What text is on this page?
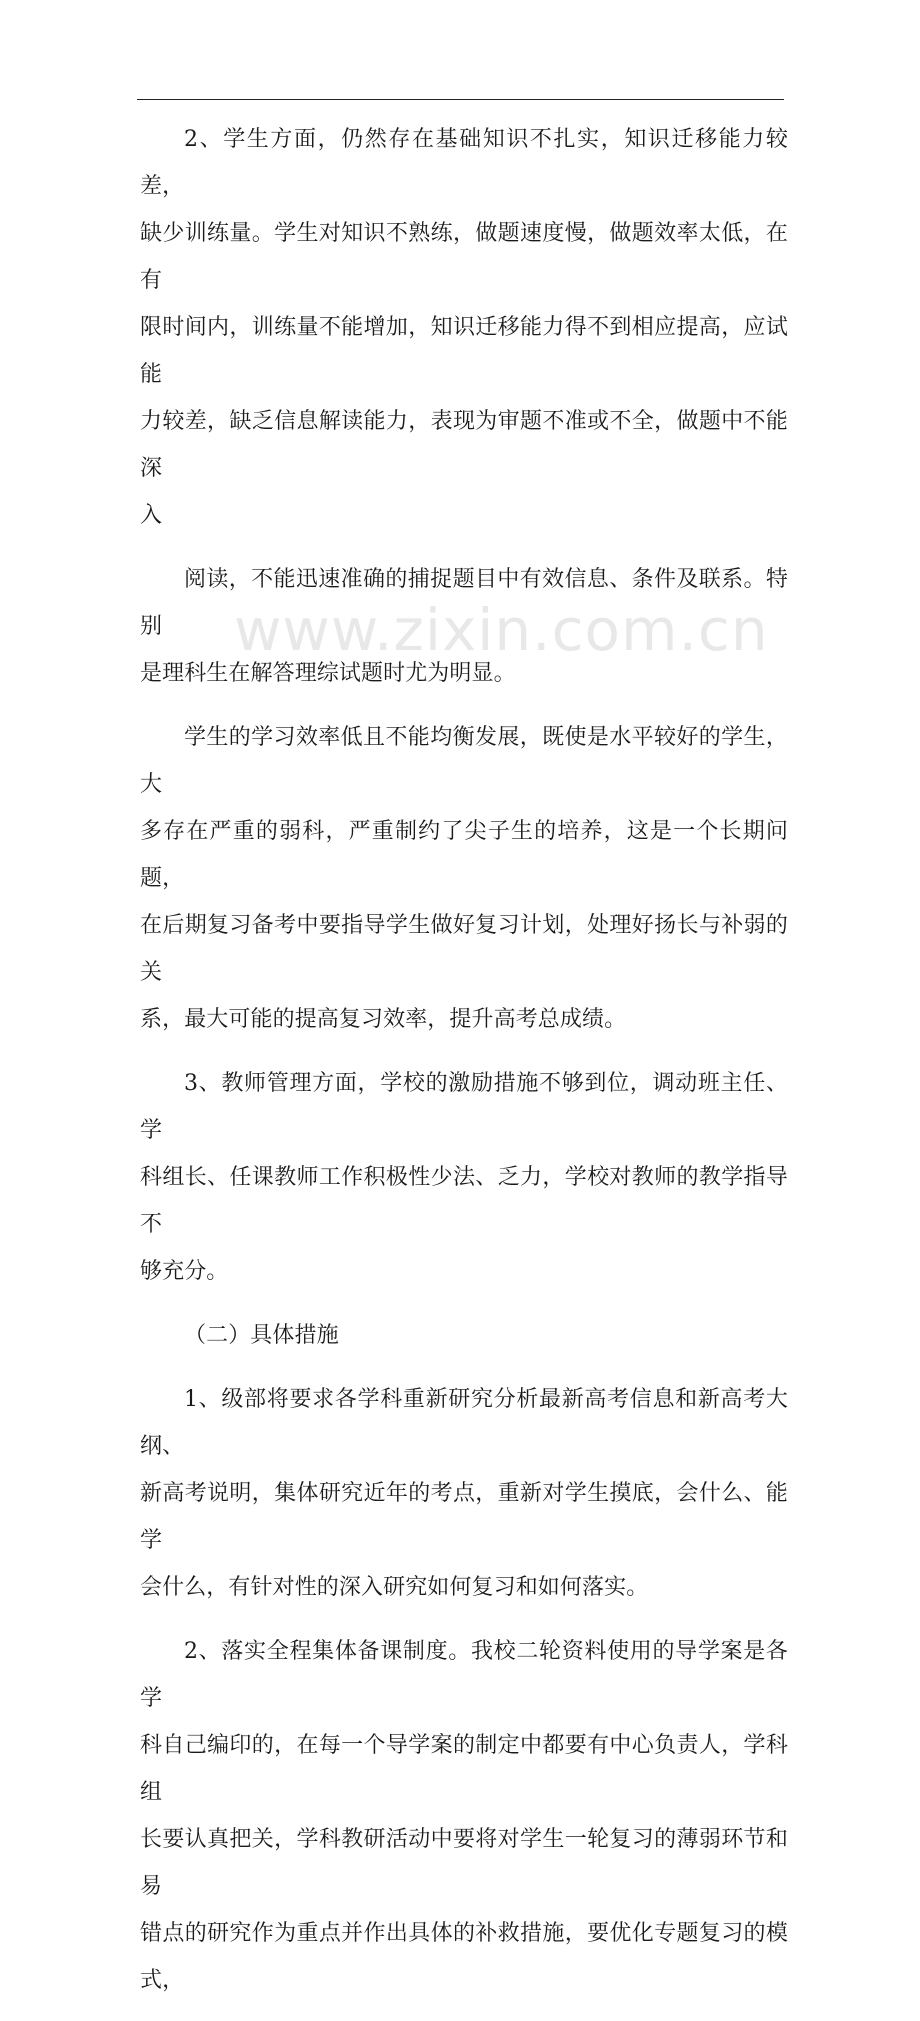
2、学生方面，仍然存在基础知识不扎实，知识迁移能力较差，
缺少训练量。学生对知识不熟练，做题速度慢，做题效率太低，在有
限时间内，训练量不能增加，知识迁移能力得不到相应提高，应试能
力较差，缺乏信息解读能力，表现为审题不准或不全，做题中不能深
入

阅读，不能迅速准确的捕捉题目中有效信息、条件及联系。特别
是理科生在解答理综试题时尤为明显。

学生的学习效率低且不能均衡发展，既使是水平较好的学生，大
多存在严重的弱科，严重制约了尖子生的培养，这是一个长期问题，
在后期复习备考中要指导学生做好复习计划，处理好扬长与补弱的关
系，最大可能的提高复习效率，提升高考总成绩。

3、教师管理方面，学校的激励措施不够到位，调动班主任、学
科组长、任课教师工作积极性少法、乏力，学校对教师的教学指导不
够充分。

（二）具体措施

1、级部将要求各学科重新研究分析最新高考信息和新高考大纲、
新高考说明，集体研究近年的考点，重新对学生摸底，会什么、能学
会什么，有针对性的深入研究如何复习和如何落实。

2、落实全程集体备课制度。我校二轮资料使用的导学案是各学
科自己编印的，在每一个导学案的制定中都要有中心负责人，学科组
长要认真把关，学科教研活动中要将对学生一轮复习的薄弱环节和易
错点的研究作为重点并作出具体的补救措施，要优化专题复习的模式，

www.zixin.com.cn
